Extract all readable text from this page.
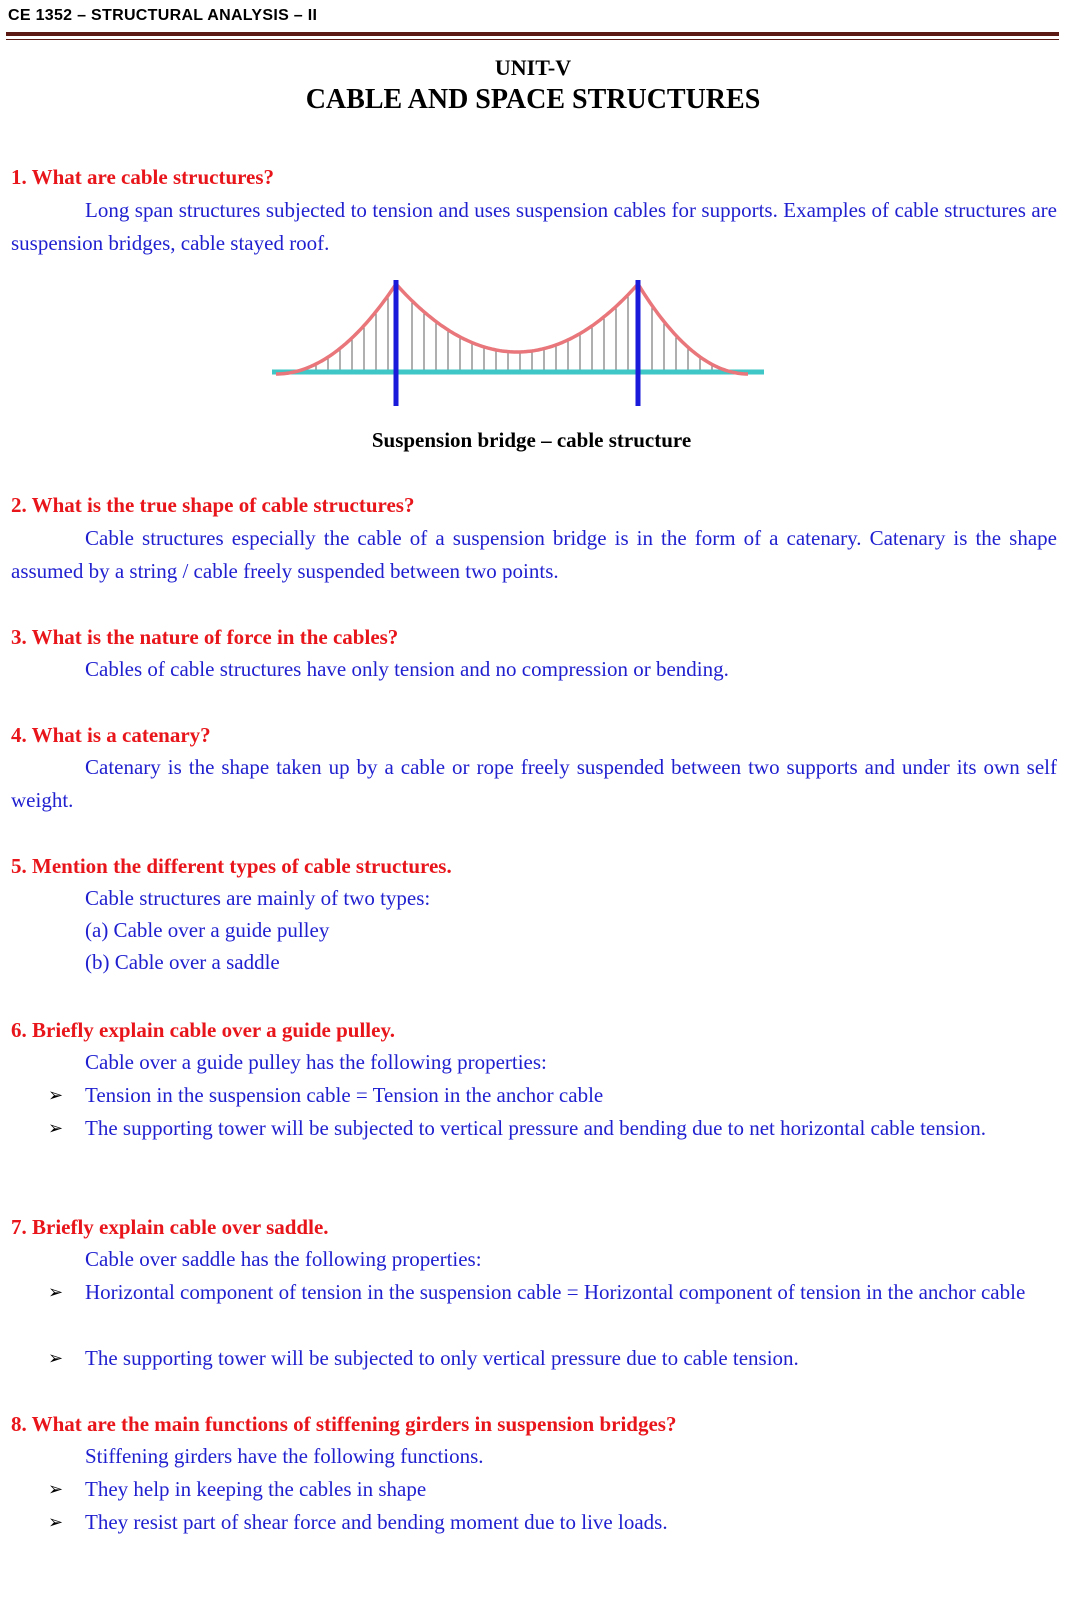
CE 1352 – STRUCTURAL ANALYSIS – II
UNIT-V
CABLE AND SPACE STRUCTURES
1. What are cable structures?
Long span structures subjected to tension and uses suspension cables for supports. Examples of cable structures are suspension bridges, cable stayed roof.
Suspension bridge – cable structure
2. What is the true shape of cable structures?
Cable structures especially the cable of a suspension bridge is in the form of a catenary. Catenary is the shape assumed by a string / cable freely suspended between two points.
3. What is the nature of force in the cables?
Cables of cable structures have only tension and no compression or bending.
4. What is a catenary?
Catenary is the shape taken up by a cable or rope freely suspended between two supports and under its own self weight.
5. Mention the different types of cable structures.
Cable structures are mainly of two types:
(a) Cable over a guide pulley
(b) Cable over a saddle
6. Briefly explain cable over a guide pulley.
Cable over a guide pulley has the following properties:
➢	Tension in the suspension cable = Tension in the anchor cable
➢	The supporting tower will be subjected to vertical pressure and bending due to net horizontal cable tension.
7. Briefly explain cable over saddle.
Cable over saddle has the following properties:
➢	Horizontal component of tension in the suspension cable = Horizontal component of tension in the anchor cable
➢	The supporting tower will be subjected to only vertical pressure due to cable tension.
8. What are the main functions of stiffening girders in suspension bridges?
Stiffening girders have the following functions.
➢	They help in keeping the cables in shape
➢	They resist part of shear force and bending moment due to live loads.
